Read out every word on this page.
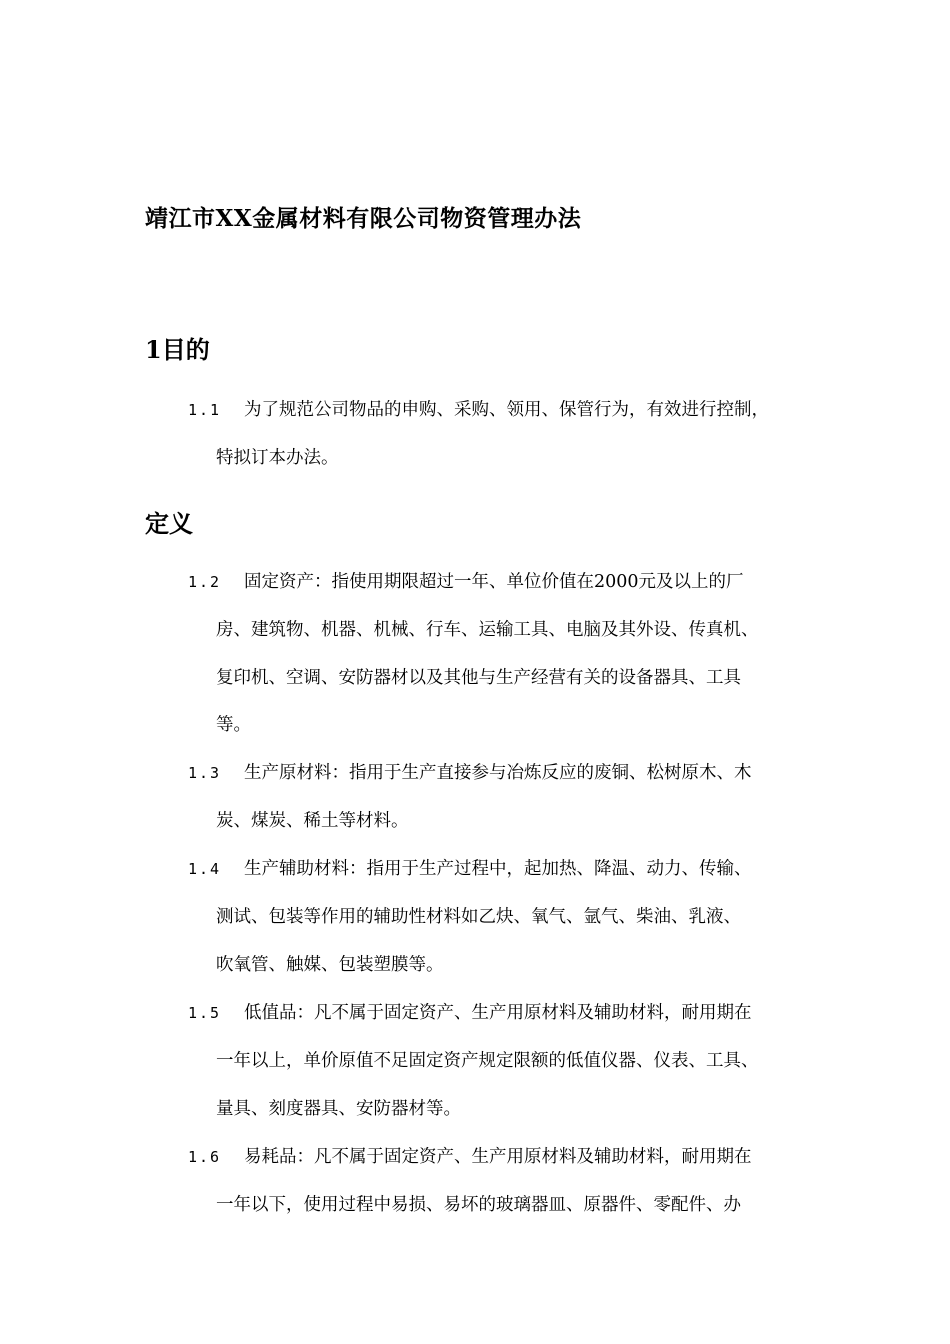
靖江市XX金属材料有限公司物资管理办法
1目的
1.1	为了规范公司物品的申购、采购、领用、保管行为，有效进行控制，
特拟订本办法。
定义
1.2	固定资产：指使用期限超过一年、单位价值在2000元及以上的厂
房、建筑物、机器、机械、行车、运输工具、电脑及其外设、传真机、
复印机、空调、安防器材以及其他与生产经营有关的设备器具、工具
等。
1.3	生产原材料：指用于生产直接参与冶炼反应的废铜、松树原木、木
炭、煤炭、稀土等材料。
1.4	生产辅助材料：指用于生产过程中，起加热、降温、动力、传输、
测试、包装等作用的辅助性材料如乙炔、氧气、氩气、柴油、乳液、
吹氧管、触媒、包装塑膜等。
1.5	低值品：凡不属于固定资产、生产用原材料及辅助材料，耐用期在
一年以上，单价原值不足固定资产规定限额的低值仪器、仪表、工具、
量具、刻度器具、安防器材等。
1.6	易耗品：凡不属于固定资产、生产用原材料及辅助材料，耐用期在
一年以下，使用过程中易损、易坏的玻璃器皿、原器件、零配件、办
